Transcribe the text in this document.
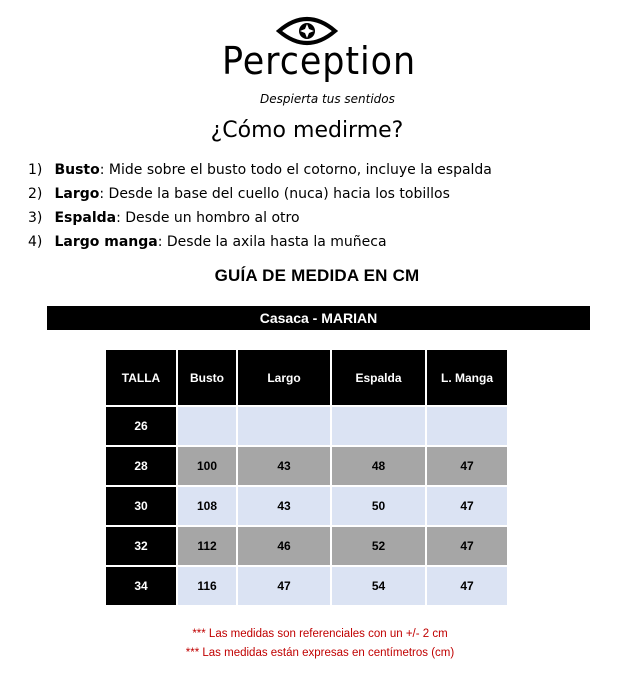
Perception
Despierta tus sentidos
¿Cómo medirme?
1) Busto: Mide sobre el busto todo el cotorno, incluye la espalda
2) Largo: Desde la base del cuello (nuca) hacia los tobillos
3) Espalda: Desde un hombro al otro
4) Largo manga: Desde la axila hasta la muñeca
GUÍA DE MEDIDA EN CM
Casaca - MARIAN
TALLA	Busto	Largo	Espalda	L. Manga
26				
28	100	43	48	47
30	108	43	50	47
32	112	46	52	47
34	116	47	54	47
*** Las medidas son referenciales con un +/- 2 cm
*** Las medidas están expresas en centímetros (cm)
